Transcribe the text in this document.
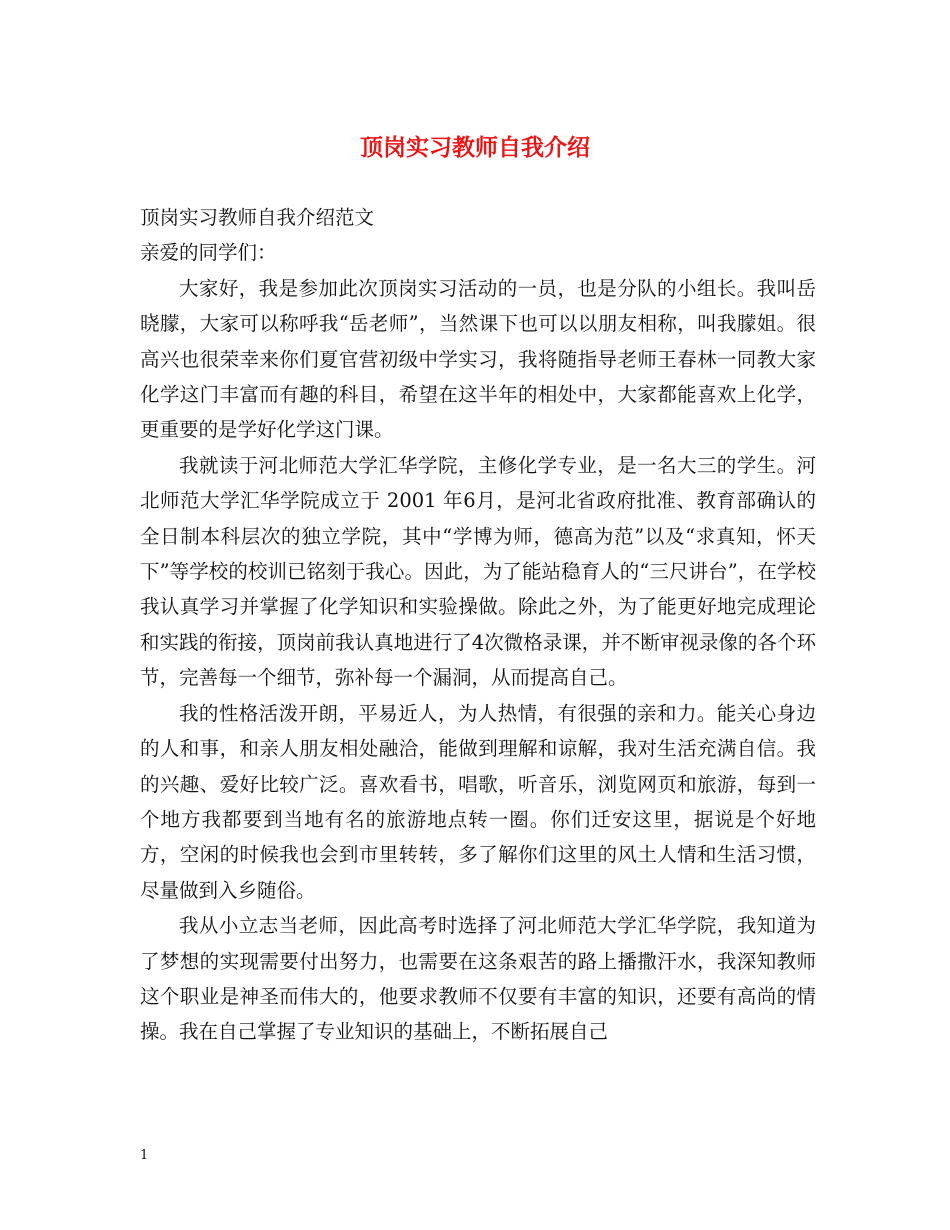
顶岗实习教师自我介绍

顶岗实习教师自我介绍范文

亲爱的同学们：

大家好，我是参加此次顶岗实习活动的一员，也是分队的小组长。我叫岳晓朦，大家可以称呼我“岳老师”，当然课下也可以以朋友相称，叫我朦姐。很高兴也很荣幸来你们夏官营初级中学实习，我将随指导老师王春林一同教大家化学这门丰富而有趣的科目，希望在这半年的相处中，大家都能喜欢上化学，更重要的是学好化学这门课。

我就读于河北师范大学汇华学院，主修化学专业，是一名大三的学生。河北师范大学汇华学院成立于 2001 年6月，是河北省政府批准、教育部确认的全日制本科层次的独立学院，其中“学博为师，德高为范”以及“求真知，怀天下”等学校的校训已铭刻于我心。因此，为了能站稳育人的“三尺讲台”，在学校我认真学习并掌握了化学知识和实验操做。除此之外，为了能更好地完成理论和实践的衔接，顶岗前我认真地进行了4次微格录课，并不断审视录像的各个环节，完善每一个细节，弥补每一个漏洞，从而提高自己。

我的性格活泼开朗，平易近人，为人热情，有很强的亲和力。能关心身边的人和事，和亲人朋友相处融洽，能做到理解和谅解，我对生活充满自信。我的兴趣、爱好比较广泛。喜欢看书，唱歌，听音乐，浏览网页和旅游，每到一个地方我都要到当地有名的旅游地点转一圈。你们迁安这里，据说是个好地方，空闲的时候我也会到市里转转，多了解你们这里的风土人情和生活习惯，尽量做到入乡随俗。

我从小立志当老师，因此高考时选择了河北师范大学汇华学院，我知道为了梦想的实现需要付出努力，也需要在这条艰苦的路上播撒汗水，我深知教师这个职业是神圣而伟大的，他要求教师不仅要有丰富的知识，还要有高尚的情操。我在自己掌握了专业知识的基础上，不断拓展自己

1
